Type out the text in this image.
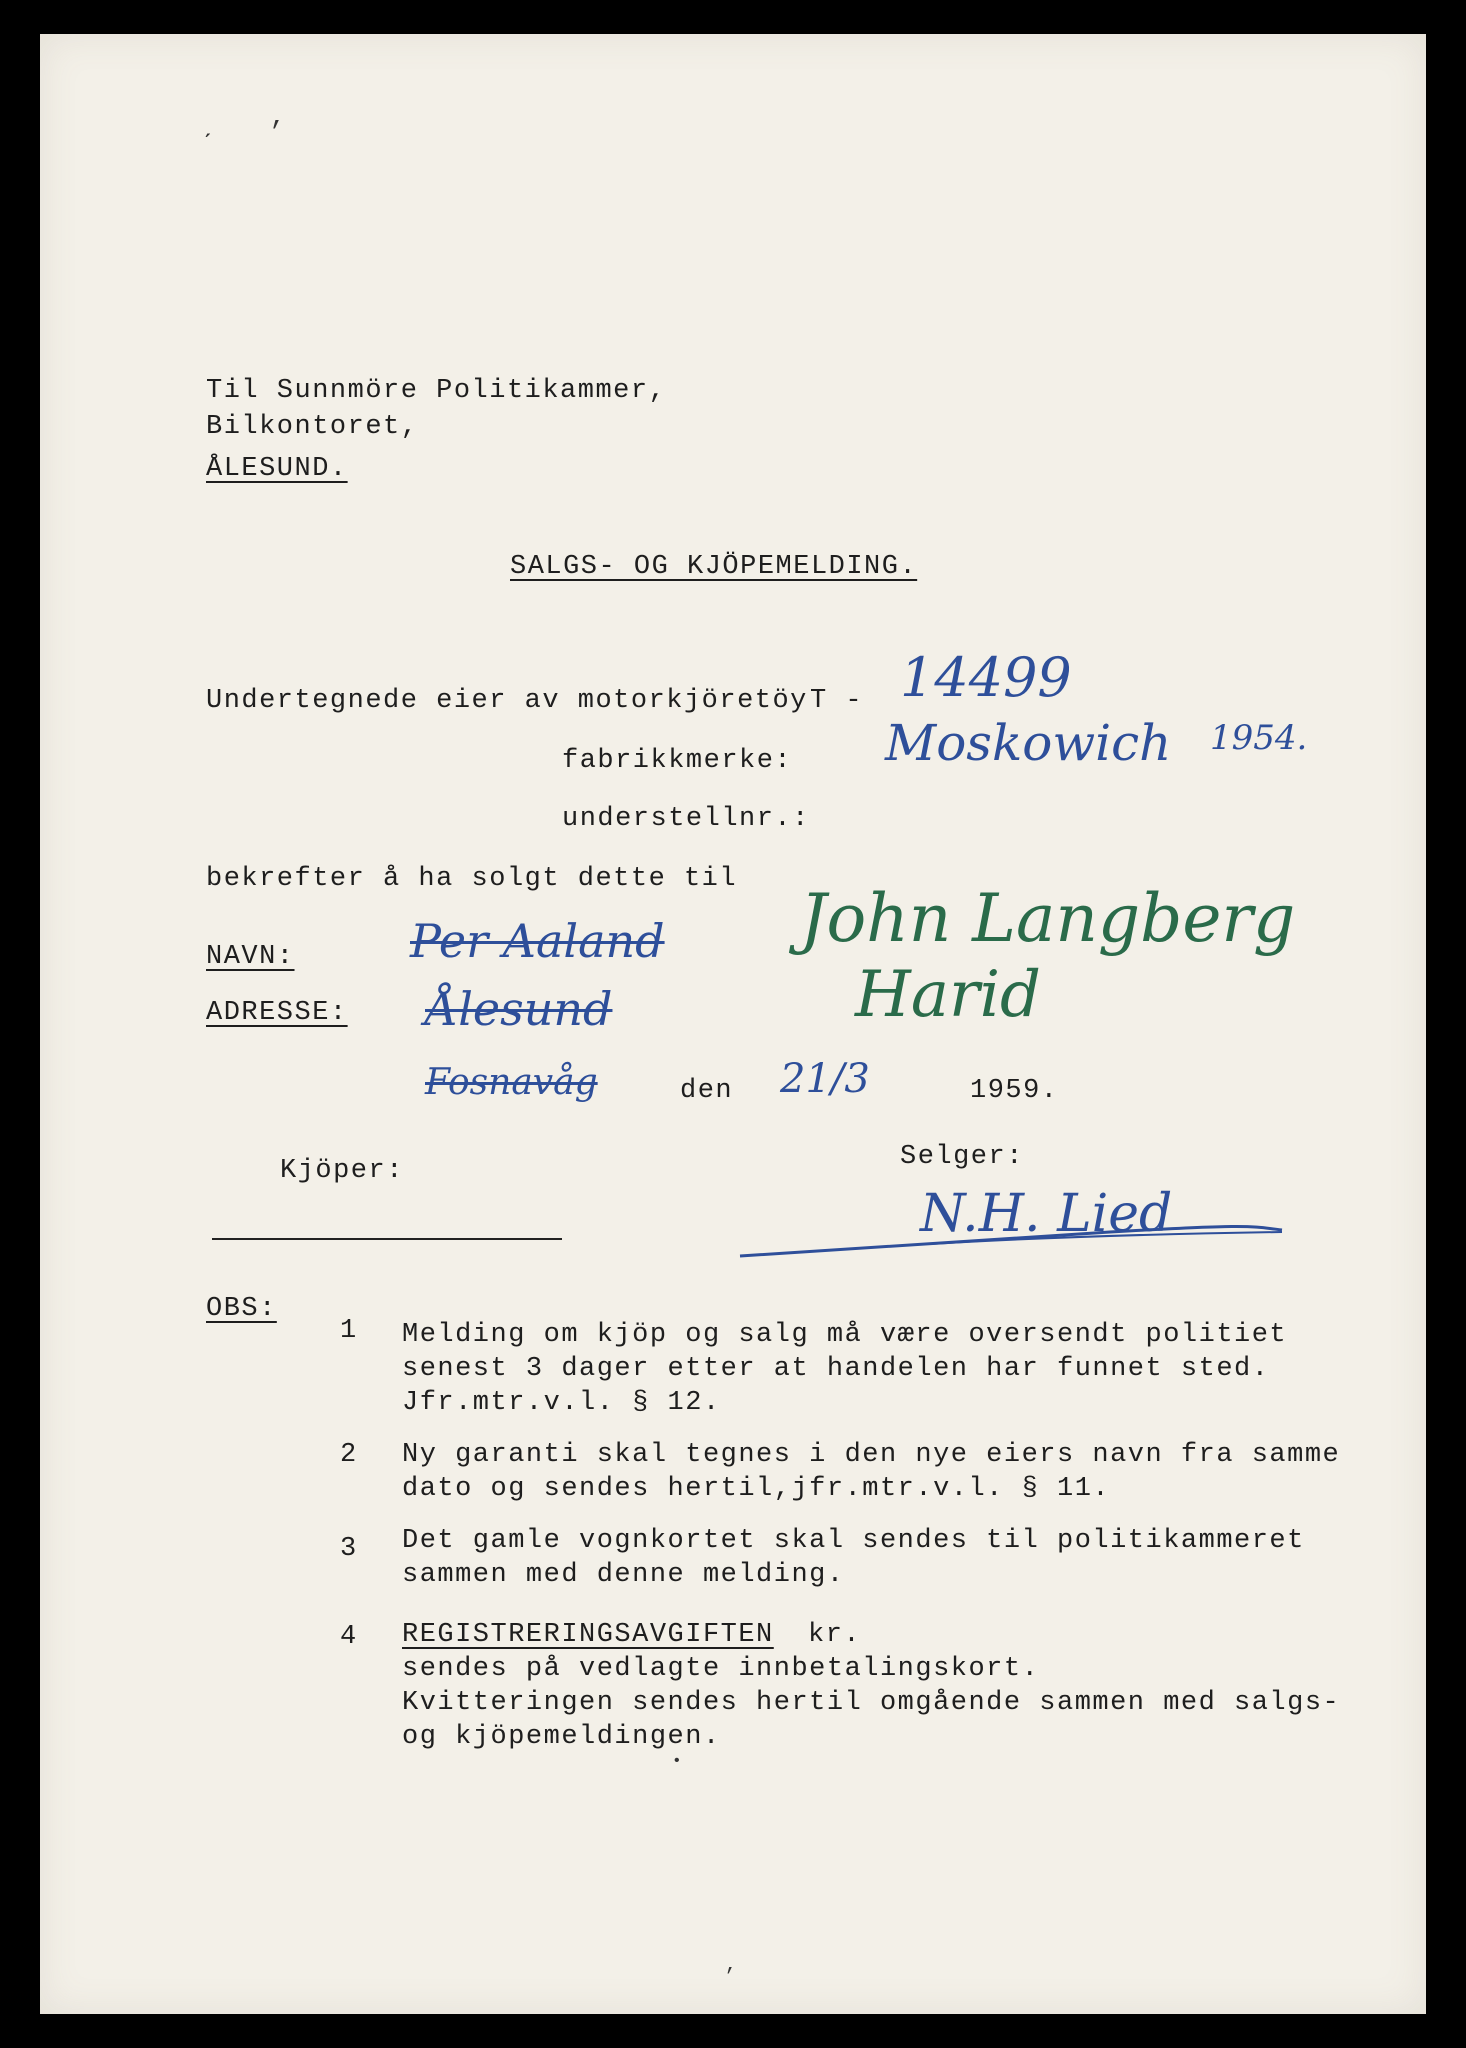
ˏ ,
Til Sunnmöre Politikammer,
Bilkontoret,
ÅLESUND.
SALGS- OG KJÖPEMELDING.
Undertegnede eier av motorkjöretöy T - 14499
fabrikkmerke: Moskowich 1954.
understellnr.:
bekrefter å ha solgt dette til
NAVN:	Per Aaland John Langberg
ADRESSE: Ålesund	Harid
Fosnavåg	den 21/3	1959.
Kjöper:	Selger:
N.H. Lied
OBS:
1 Melding om kjöp og salg må være oversendt politiet
senest 3 dager etter at handelen har funnet sted.
Jfr.mtr.v.l. § 12.
2 Ny garanti skal tegnes i den nye eiers navn fra samme
dato og sendes hertil,jfr.mtr.v.l. § 11.
3 Det gamle vognkortet skal sendes til politikammeret
sammen med denne melding.
4 REGISTRERINGSAVGIFTEN kr.
sendes på vedlagte innbetalingskort.
Kvitteringen sendes hertil omgående sammen med salgs-
og kjöpemeldingen.
•
,
